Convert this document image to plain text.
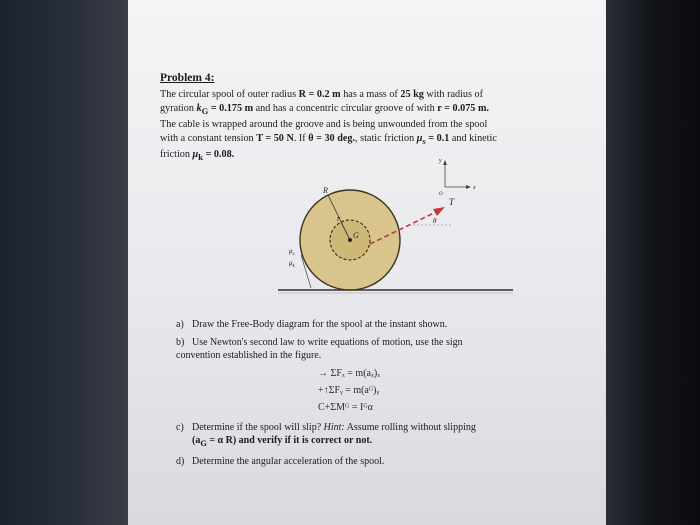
Problem 4:

The circular spool of outer radius R = 0.2 m has a mass of 25 kg with radius of
gyration $k_G = 0.175$ m and has a concentric circular groove of with r = 0.075 m.
The cable is wrapped around the groove and is being unwounded from the spool
with a constant tension T = 50 N. If θ = 30 deg., static friction $\mu_s = 0.1$ and kinetic
friction $\mu_k = 0.08$.

R
r
G
T
θ
y
x
O
$\mu_s$
$\mu_k$

a) Draw the Free-Body diagram for the spool at the instant shown.

b) Use Newton's second law to write equations of motion, use the sign convention established in the figure.

c) Determine if the spool will slip? Hint: Assume rolling without slipping
($a_G = \alpha$ R) and verify if it is correct or not.

d) Determine the angular acceleration of the spool.

→ ΣFₓ = m(aₓ)ₓ
+↑ΣFᵧ = m(aᴳ)ᵧ
C+ΣMᴳ = Iᴳα
